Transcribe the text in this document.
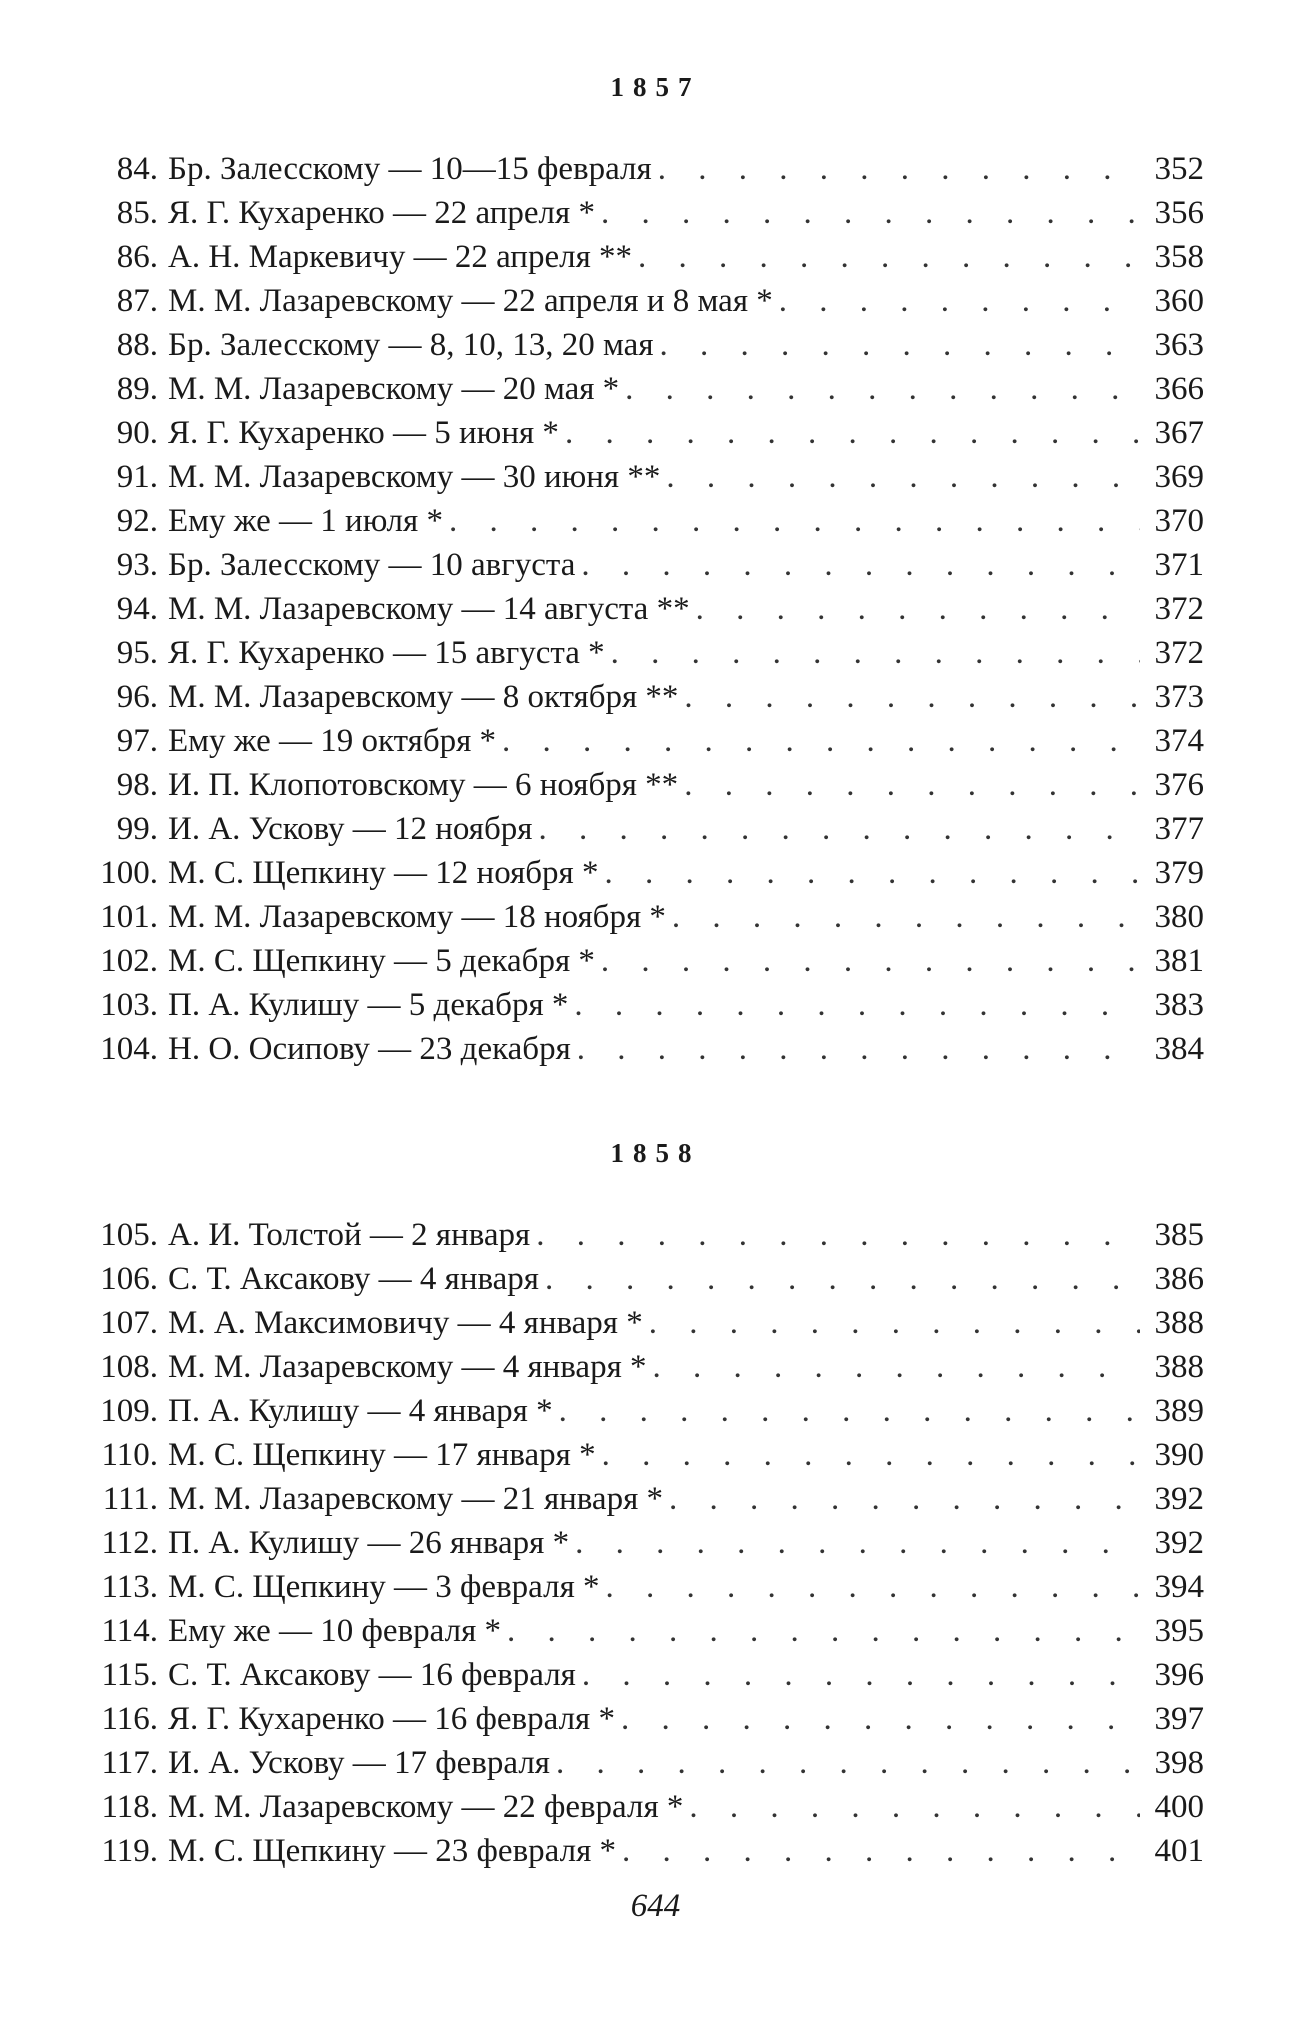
1857
84. Бр. Залесскому — 10—15 февраля . . .	352
85. Я. Г. Кухаренко — 22 апреля * . . .	356
86. А. Н. Маркевичу — 22 апреля ** . . .	358
87. М. М. Лазаревскому — 22 апреля и 8 мая * . . .	360
88. Бр. Залесскому — 8, 10, 13, 20 мая . . .	363
89. М. М. Лазаревскому — 20 мая * . . .	366
90. Я. Г. Кухаренко — 5 июня * . . .	367
91. М. М. Лазаревскому — 30 июня ** . . .	369
92. Ему же — 1 июля * . . .	370
93. Бр. Залесскому — 10 августа . . .	371
94. М. М. Лазаревскому — 14 августа ** . . .	372
95. Я. Г. Кухаренко — 15 августа * . . .	372
96. М. М. Лазаревскому — 8 октября ** . . .	373
97. Ему же — 19 октября * . . .	374
98. И. П. Клопотовскому — 6 ноября ** . . .	376
99. И. А. Ускову — 12 ноября . . .	377
100. М. С. Щепкину — 12 ноября * . . .	379
101. М. М. Лазаревскому — 18 ноября * . . .	380
102. М. С. Щепкину — 5 декабря * . . .	381
103. П. А. Кулишу — 5 декабря * . . .	383
104. Н. О. Осипову — 23 декабря . . .	384
1858
105. А. И. Толстой — 2 января . . .	385
106. С. Т. Аксакову — 4 января . . .	386
107. М. А. Максимовичу — 4 января * . . .	388
108. М. М. Лазаревскому — 4 января * . . .	388
109. П. А. Кулишу — 4 января * . . .	389
110. М. С. Щепкину — 17 января * . . .	390
111. М. М. Лазаревскому — 21 января * . . .	392
112. П. А. Кулишу — 26 января * . . .	392
113. М. С. Щепкину — 3 февраля * . . .	394
114. Ему же — 10 февраля * . . .	395
115. С. Т. Аксакову — 16 февраля . . .	396
116. Я. Г. Кухаренко — 16 февраля * . . .	397
117. И. А. Ускову — 17 февраля . . .	398
118. М. М. Лазаревскому — 22 февраля * . . .	400
119. М. С. Щепкину — 23 февраля * . . .	401
644
